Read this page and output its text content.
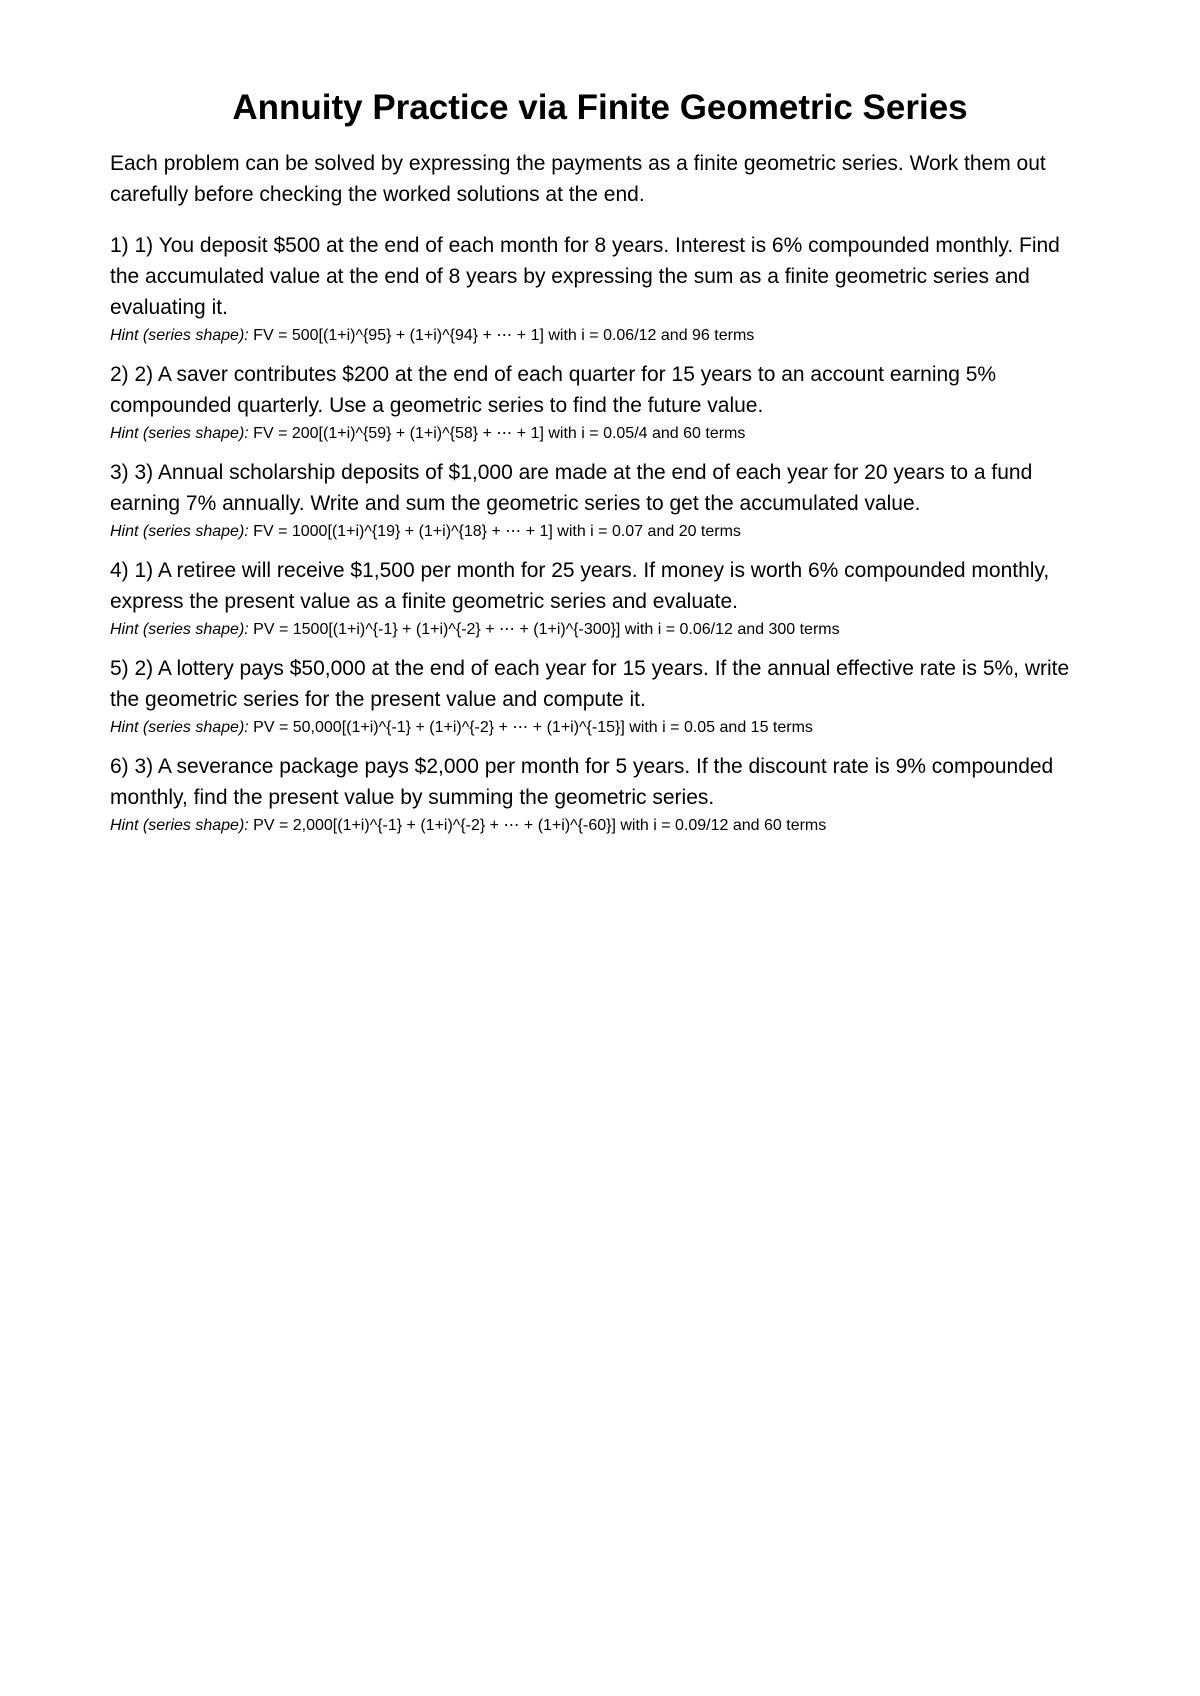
Annuity Practice via Finite Geometric Series

Each problem can be solved by expressing the payments as a finite geometric series. Work them out carefully before checking the worked solutions at the end.

1) 1) You deposit $500 at the end of each month for 8 years. Interest is 6% compounded monthly. Find the accumulated value at the end of 8 years by expressing the sum as a finite geometric series and evaluating it.

Hint (series shape): FV = 500[(1+i)^{95} + (1+i)^{94} + ⋯ + 1] with i = 0.06/12 and 96 terms

2) 2) A saver contributes $200 at the end of each quarter for 15 years to an account earning 5% compounded quarterly. Use a geometric series to find the future value.

Hint (series shape): FV = 200[(1+i)^{59} + (1+i)^{58} + ⋯ + 1] with i = 0.05/4 and 60 terms

3) 3) Annual scholarship deposits of $1,000 are made at the end of each year for 20 years to a fund earning 7% annually. Write and sum the geometric series to get the accumulated value.

Hint (series shape): FV = 1000[(1+i)^{19} + (1+i)^{18} + ⋯ + 1] with i = 0.07 and 20 terms

4) 1) A retiree will receive $1,500 per month for 25 years. If money is worth 6% compounded monthly, express the present value as a finite geometric series and evaluate.

Hint (series shape): PV = 1500[(1+i)^{-1} + (1+i)^{-2} + ⋯ + (1+i)^{-300}] with i = 0.06/12 and 300 terms

5) 2) A lottery pays $50,000 at the end of each year for 15 years. If the annual effective rate is 5%, write the geometric series for the present value and compute it.

Hint (series shape): PV = 50,000[(1+i)^{-1} + (1+i)^{-2} + ⋯ + (1+i)^{-15}] with i = 0.05 and 15 terms

6) 3) A severance package pays $2,000 per month for 5 years. If the discount rate is 9% compounded monthly, find the present value by summing the geometric series.

Hint (series shape): PV = 2,000[(1+i)^{-1} + (1+i)^{-2} + ⋯ + (1+i)^{-60}] with i = 0.09/12 and 60 terms
